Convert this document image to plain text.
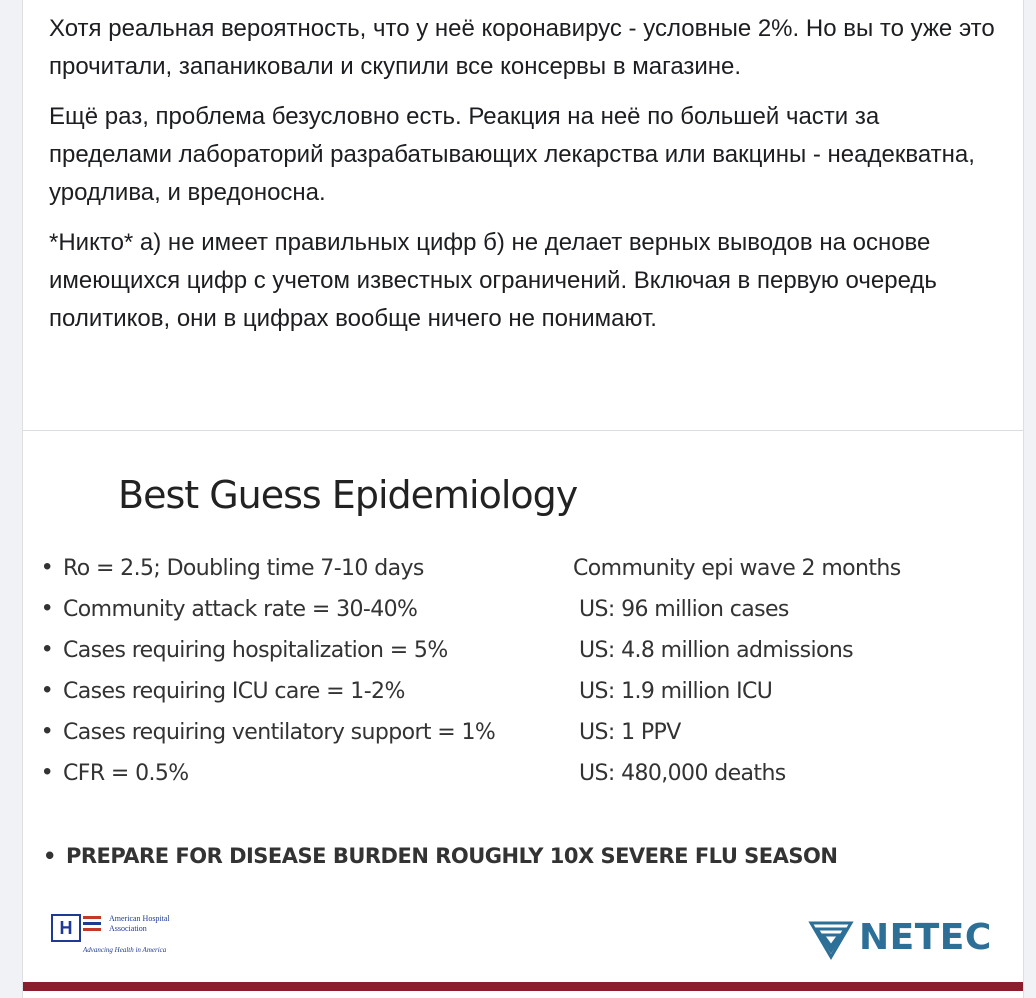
Хотя реальная вероятность, что у неё коронавирус - условные 2%. Но вы то уже это прочитали, запаниковали и скупили все консервы в магазине.

Ещё раз, проблема безусловно есть. Реакция на неё по большей части за пределами лабораторий разрабатывающих лекарства или вакцины - неадекватна, уродлива, и вредоносна.

*Никто* а) не имеет правильных цифр б) не делает верных выводов на основе имеющихся цифр с учетом известных ограничений. Включая в первую очередь политиков, они в цифрах вообще ничего не понимают.

Best Guess Epidemiology
• Ro = 2.5; Doubling time 7-10 days	Community epi wave 2 months
• Community attack rate = 30-40%	US: 96 million cases
• Cases requiring hospitalization = 5%	US: 4.8 million admissions
• Cases requiring ICU care = 1-2%	US: 1.9 million ICU
• Cases requiring ventilatory support = 1%	US: 1 PPV
• CFR = 0.5%	US: 480,000 deaths
• PREPARE FOR DISEASE BURDEN ROUGHLY 10X SEVERE FLU SEASON
H	American Hospital
Association
Advancing Health in America	NETEC
